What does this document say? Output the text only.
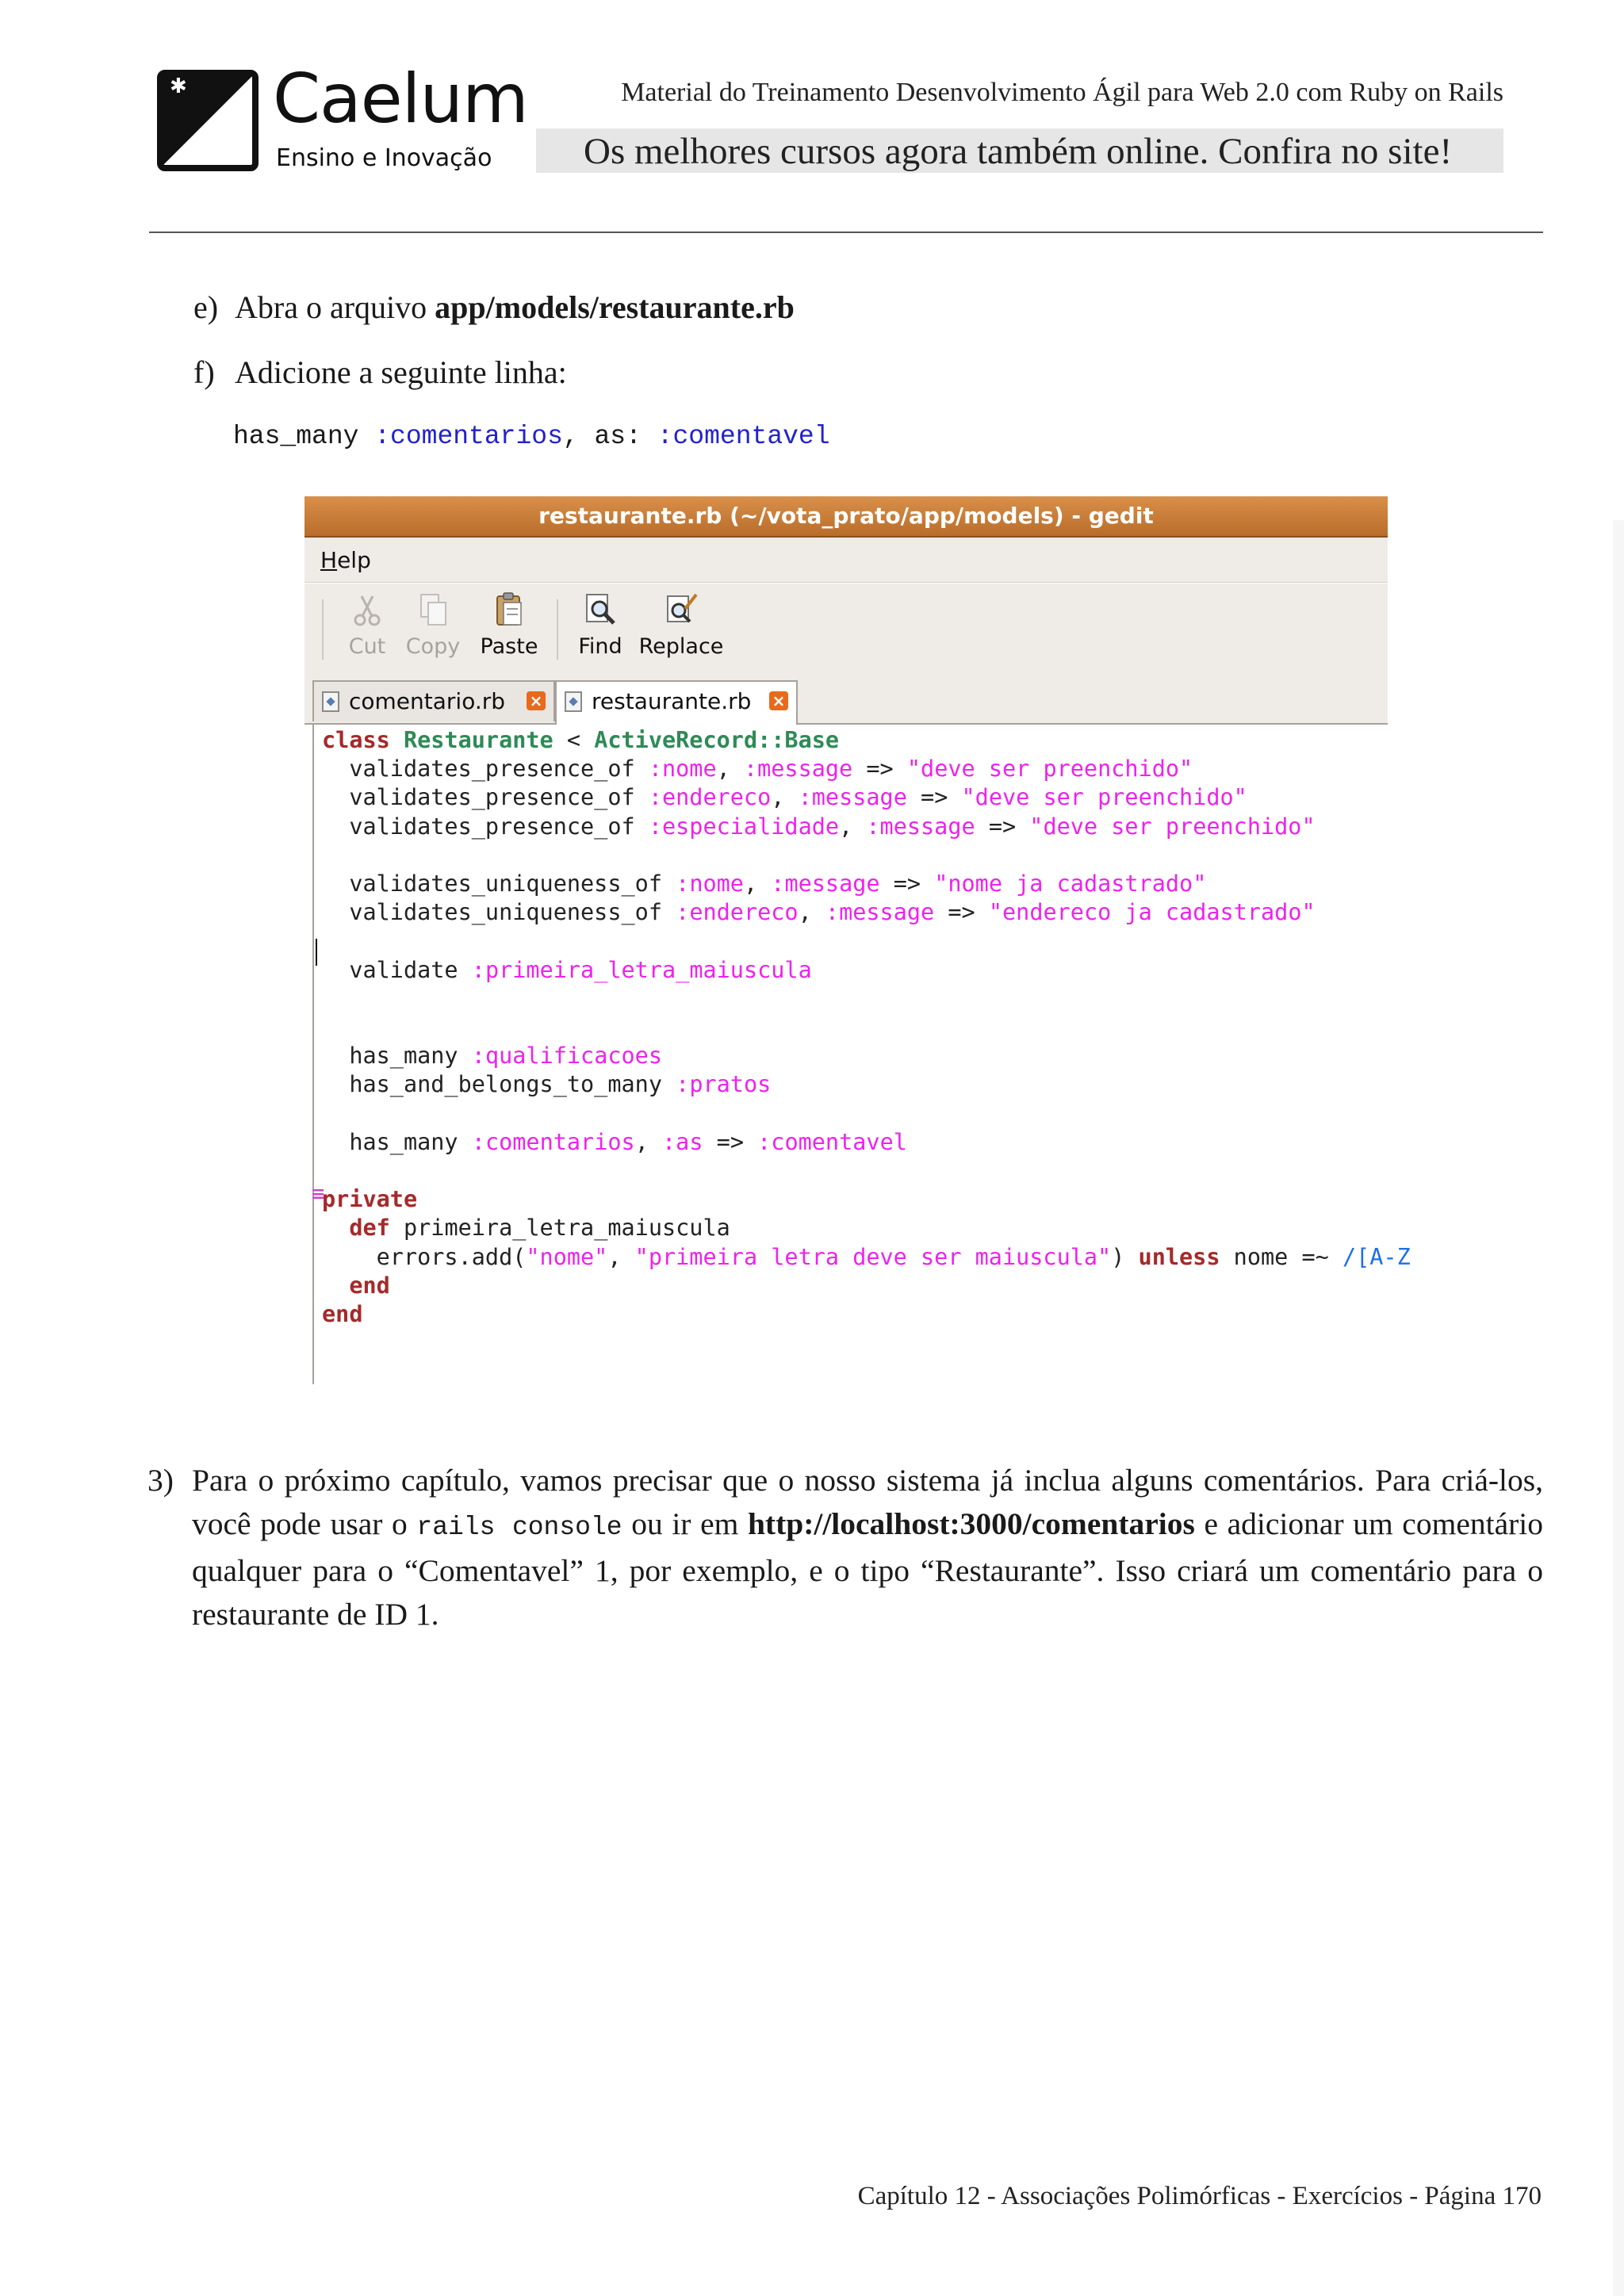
✱ Caelum
Ensino e Inovação
Material do Treinamento Desenvolvimento Ágil para Web 2.0 com Ruby on Rails
Os melhores cursos agora também online. Confira no site!
e) Abra o arquivo app/models/restaurante.rb
f) Adicione a seguinte linha:
has_many :comentarios, as: :comentavel
restaurante.rb (~/vota_prato/app/models) - gedit
Help
Cut Copy Paste Find Replace
comentario.rb × restaurante.rb ×
≡
class Restaurante < ActiveRecord::Base
validates_presence_of :nome, :message => "deve ser preenchido"
validates_presence_of :endereco, :message => "deve ser preenchido"
validates_presence_of :especialidade, :message => "deve ser preenchido"

validates_uniqueness_of :nome, :message => "nome ja cadastrado"
validates_uniqueness_of :endereco, :message => "endereco ja cadastrado"

validate :primeira_letra_maiuscula

has_many :qualificacoes
has_and_belongs_to_many :pratos

has_many :comentarios, :as => :comentavel

private
def primeira_letra_maiuscula
errors.add("nome", "primeira letra deve ser maiuscula") unless nome =~ /[A-Z
end
end
3) Para o próximo capítulo, vamos precisar que o nosso sistema já inclua alguns comentários. Para criá-los, você pode usar o rails console ou ir em http://localhost:3000/comentarios e adicionar um comentário qualquer para o “Comentavel” 1, por exemplo, e o tipo “Restaurante”. Isso criará um comentário para o restaurante de ID 1.
Capítulo 12 - Associações Polimórficas - Exercícios - Página 170
